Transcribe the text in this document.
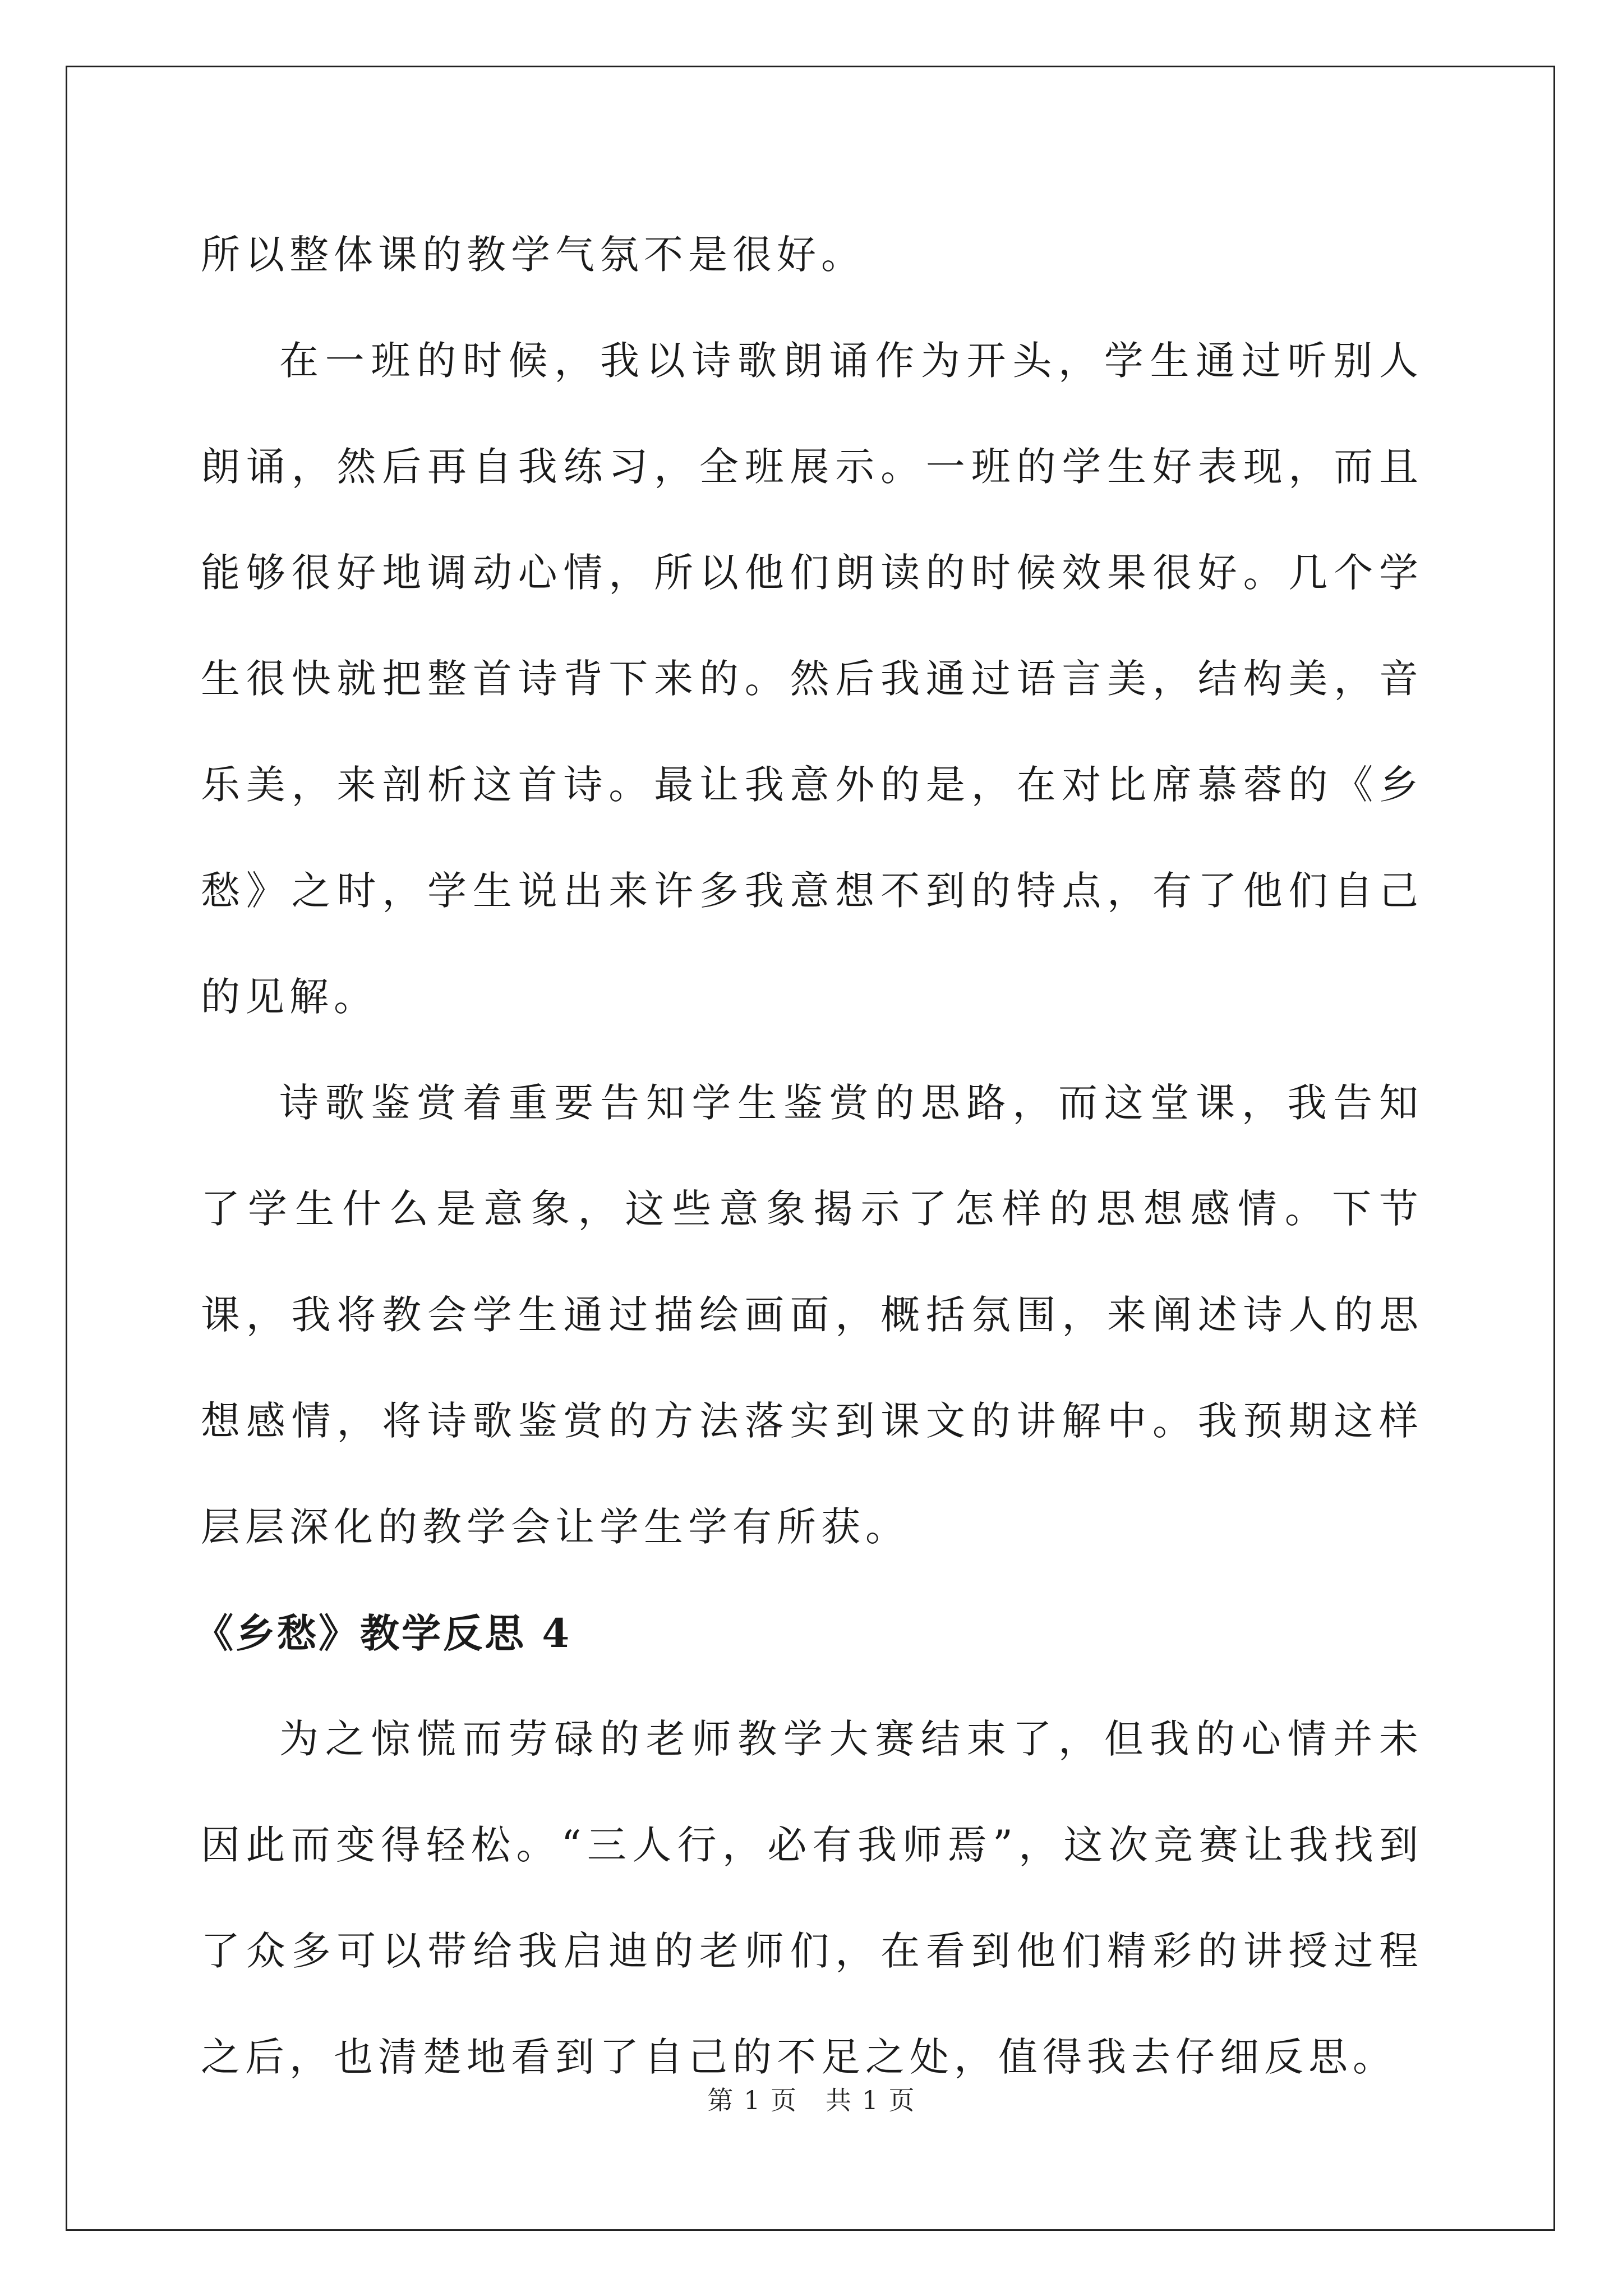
所以整体课的教学气氛不是很好。

在一班的时候，我以诗歌朗诵作为开头，学生通过听别人朗诵，然后再自我练习，全班展示。一班的学生好表现，而且能够很好地调动心情，所以他们朗读的时候效果很好。几个学生很快就把整首诗背下来的。然后我通过语言美，结构美，音乐美，来剖析这首诗。最让我意外的是，在对比席慕蓉的《乡愁》之时，学生说出来许多我意想不到的特点，有了他们自己的见解。

诗歌鉴赏着重要告知学生鉴赏的思路，而这堂课，我告知了学生什么是意象，这些意象揭示了怎样的思想感情。下节课，我将教会学生通过描绘画面，概括氛围，来阐述诗人的思想感情，将诗歌鉴赏的方法落实到课文的讲解中。我预期这样层层深化的教学会让学生学有所获。

《乡愁》教学反思 4

为之惊慌而劳碌的老师教学大赛结束了，但我的心情并未因此而变得轻松。“三人行，必有我师焉”，这次竞赛让我找到了众多可以带给我启迪的老师们，在看到他们精彩的讲授过程之后，也清楚地看到了自己的不足之处，值得我去仔细反思。

第 1 页 共 1 页
